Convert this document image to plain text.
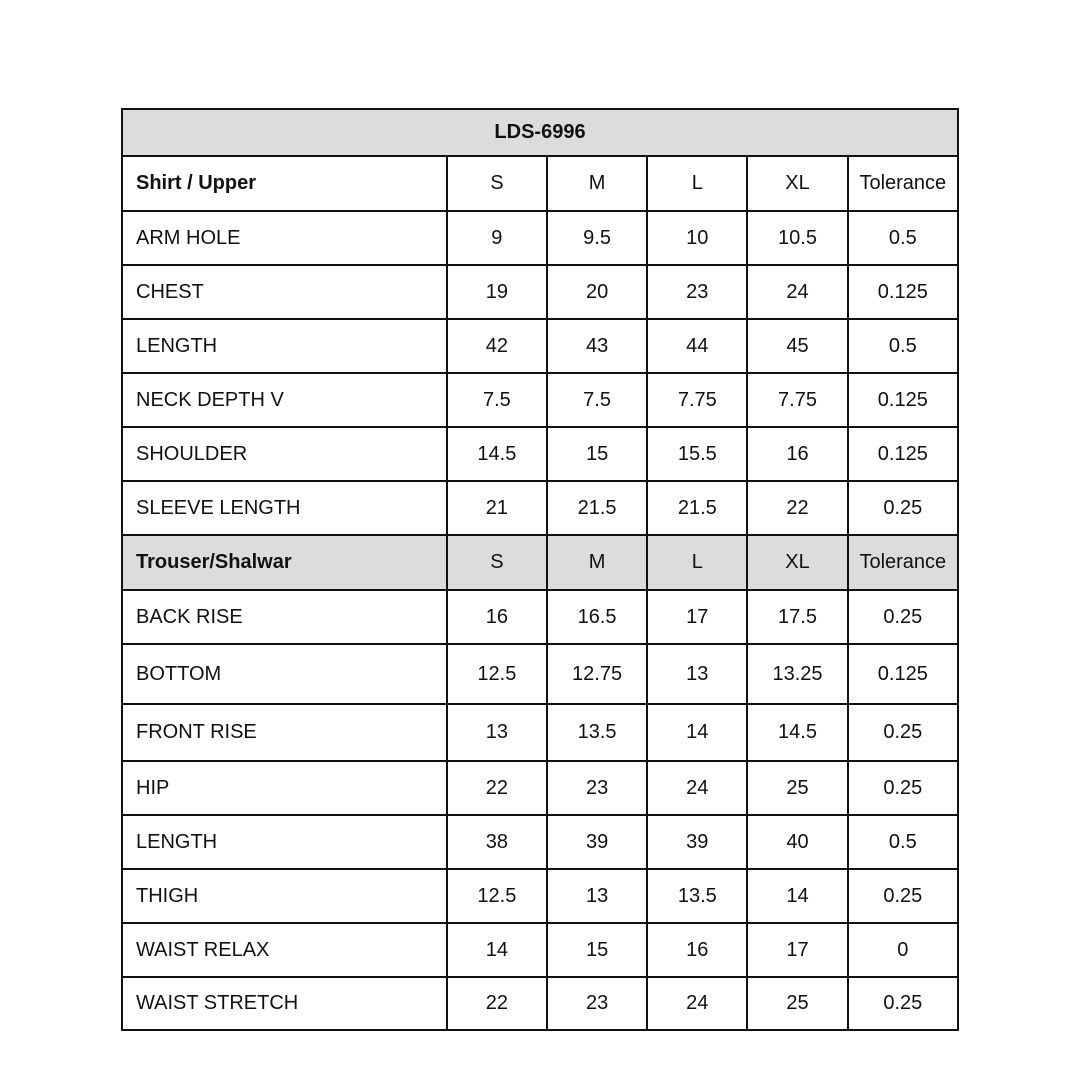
LDS-6996					
Shirt / Upper	S	M	L	XL	Tolerance
ARM HOLE	9	9.5	10	10.5	0.5
CHEST	19	20	23	24	0.125
LENGTH	42	43	44	45	0.5
NECK DEPTH V	7.5	7.5	7.75	7.75	0.125
SHOULDER	14.5	15	15.5	16	0.125
SLEEVE LENGTH	21	21.5	21.5	22	0.25
Trouser/Shalwar	S	M	L	XL	Tolerance
BACK RISE	16	16.5	17	17.5	0.25
BOTTOM	12.5	12.75	13	13.25	0.125
FRONT RISE	13	13.5	14	14.5	0.25
HIP	22	23	24	25	0.25
LENGTH	38	39	39	40	0.5
THIGH	12.5	13	13.5	14	0.25
WAIST RELAX	14	15	16	17	0
WAIST STRETCH	22	23	24	25	0.25
